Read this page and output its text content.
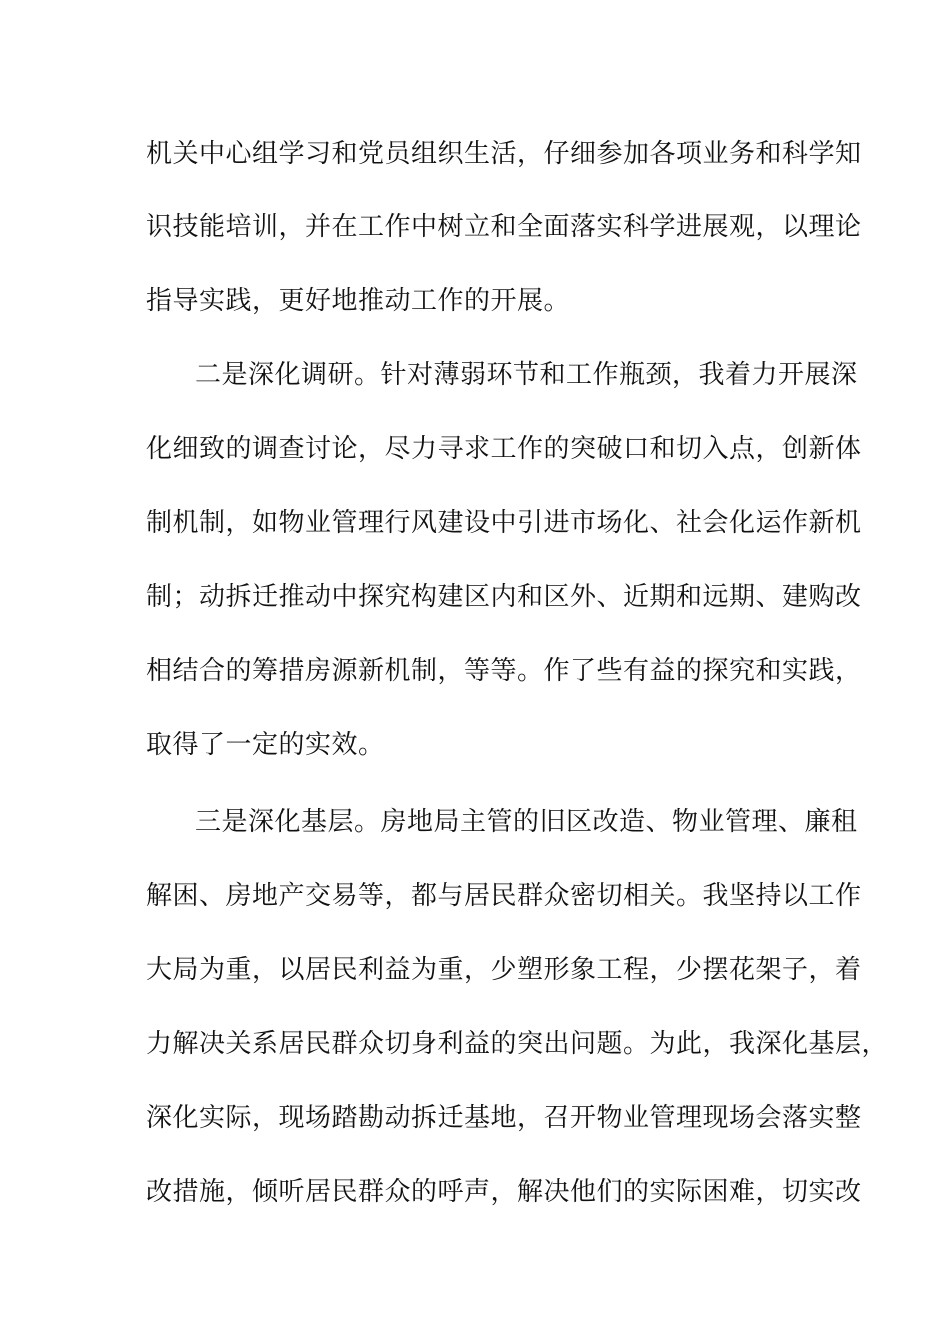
机关中心组学习和党员组织生活，仔细参加各项业务和科学知
识技能培训，并在工作中树立和全面落实科学进展观，以理论
指导实践，更好地推动工作的开展。
二是深化调研。针对薄弱环节和工作瓶颈，我着力开展深
化细致的调查讨论，尽力寻求工作的突破口和切入点，创新体
制机制，如物业管理行风建设中引进市场化、社会化运作新机
制；动拆迁推动中探究构建区内和区外、近期和远期、建购改
相结合的筹措房源新机制，等等。作了些有益的探究和实践，
取得了一定的实效。
三是深化基层。房地局主管的旧区改造、物业管理、廉租
解困、房地产交易等，都与居民群众密切相关。我坚持以工作
大局为重，以居民利益为重，少塑形象工程，少摆花架子，着
力解决关系居民群众切身利益的突出问题。为此，我深化基层，
深化实际，现场踏勘动拆迁基地，召开物业管理现场会落实整
改措施，倾听居民群众的呼声，解决他们的实际困难，切实改
